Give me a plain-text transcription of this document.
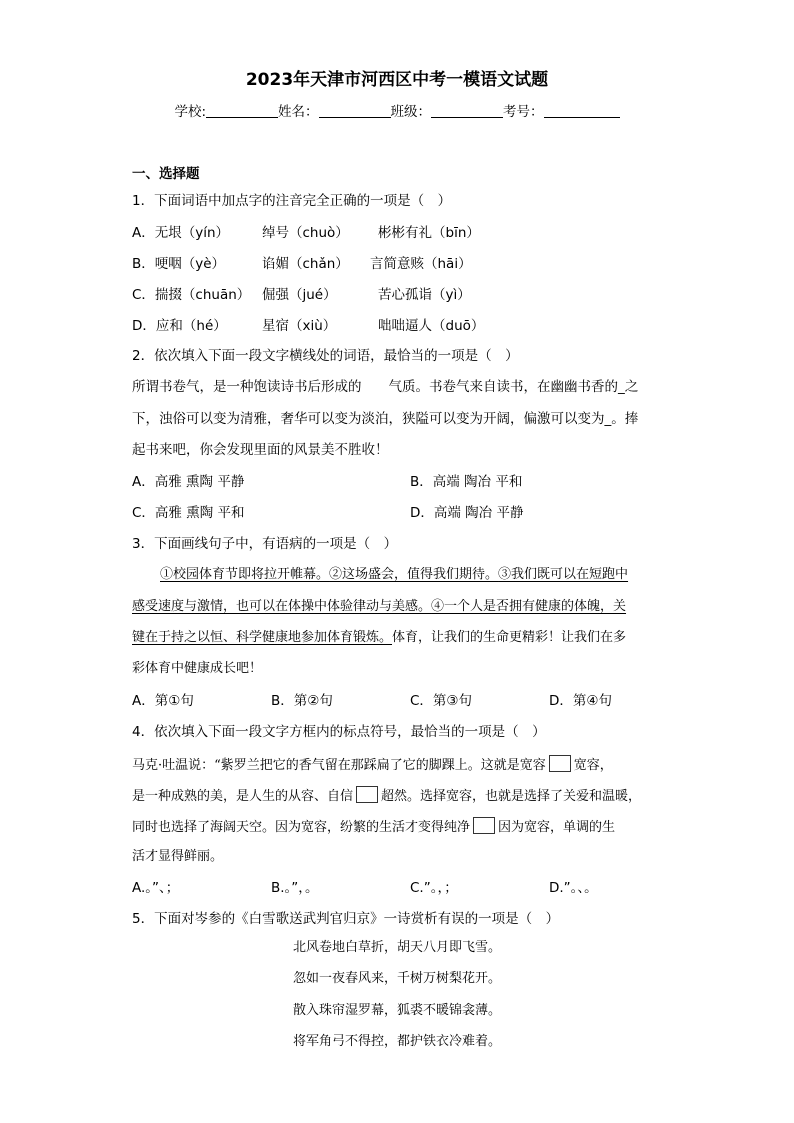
2023年天津市河西区中考一模语文试题
学校:	姓名：	班级：	考号：
一、选择题
1．下面词语中加点字的注音完全正确的一项是（　）
A．无垠（yín） 绰号（chuò） 彬彬有礼（bīn）
B．哽咽（yè）	谄媚（chǎn） 言简意赅（hāi）
C．揣掇（chuān） 倔强（jué）	苦心孤诣（yì）
D．应和（hé）	星宿（xiù）	咄咄逼人（duō）
2．依次填入下面一段文字横线处的词语，最恰当的一项是（　）
所谓书卷气，是一种饱读诗书后形成的　　气质。书卷气来自读书，在幽幽书香的_之
下，浊俗可以变为清雅，奢华可以变为淡泊，狭隘可以变为开阔，偏激可以变为_。捧
起书来吧，你会发现里面的风景美不胜收！
A．高雅 熏陶 平静	B．高端 陶冶 平和
C．高雅 熏陶 平和	D．高端 陶冶 平静
3．下面画线句子中，有语病的一项是（　）
①校园体育节即将拉开帷幕。②这场盛会，值得我们期待。③我们既可以在短跑中
感受速度与激情，也可以在体操中体验律动与美感。④一个人是否拥有健康的体魄，关
键在于持之以恒、科学健康地参加体育锻炼。体育，让我们的生命更精彩！让我们在多
彩体育中健康成长吧！
A．第①句	B．第②句	C．第③句	D．第④句
4．依次填入下面一段文字方框内的标点符号，最恰当的一项是（　）
马克·吐温说：“紫罗兰把它的香气留在那踩扁了它的脚踝上。这就是宽容 宽容，
是一种成熟的美，是人生的从容、自信 超然。选择宽容，也就是选择了关爱和温暖，
同时也选择了海阔天空。因为宽容，纷繁的生活才变得纯净 因为宽容，单调的生
活才显得鲜丽。
A.。”、；	B.。”，。	C.”。，；	D.”。、。
5．下面对岑参的《白雪歌送武判官归京》一诗赏析有误的一项是（　）
北风卷地白草折，胡天八月即飞雪。
忽如一夜春风来，千树万树梨花开。
散入珠帘湿罗幕，狐裘不暖锦衾薄。
将军角弓不得控，都护铁衣冷难着。
